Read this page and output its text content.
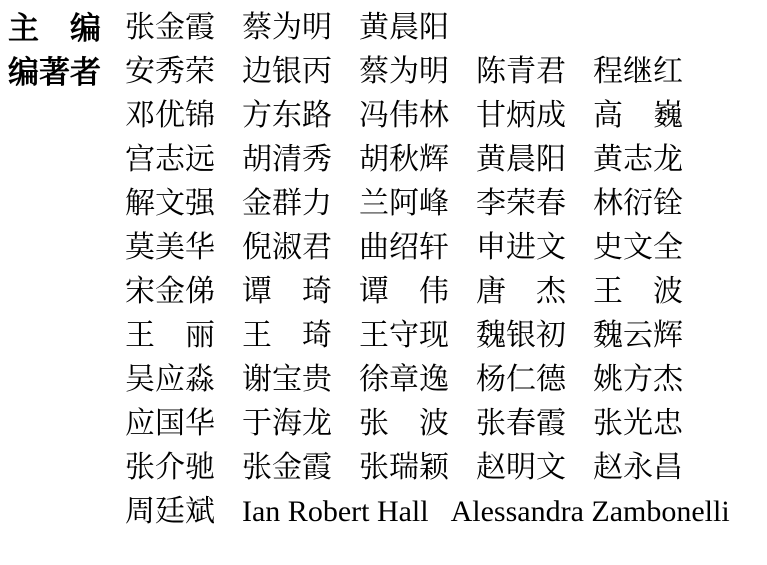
主　编 张金霞 蔡为明 黄晨阳
编著者 安秀荣 边银丙 蔡为明 陈青君 程继红
邓优锦 方东路 冯伟林 甘炳成 高　巍
宫志远 胡清秀 胡秋辉 黄晨阳 黄志龙
解文强 金群力 兰阿峰 李荣春 林衍铨
莫美华 倪淑君 曲绍轩 申进文 史文全
宋金俤 谭　琦 谭　伟 唐　杰 王　波
王　丽 王　琦 王守现 魏银初 魏云辉
吴应淼 谢宝贵 徐章逸 杨仁德 姚方杰
应国华 于海龙 张　波 张春霞 张光忠
张介驰 张金霞 张瑞颖 赵明文 赵永昌
周廷斌 Ian Robert Hall Alessandra Zambonelli
